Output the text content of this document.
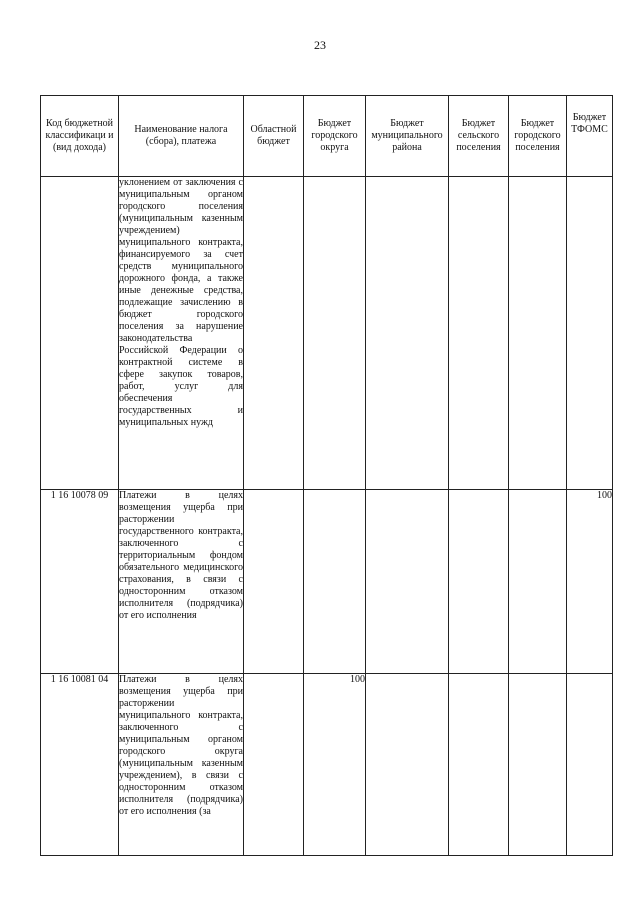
23
Код бюджетной классификаци и (вид дохода)	Наименование налога (сбора), платежа	Областной бюджет	Бюджет городского округа	Бюджет муниципального района	Бюджет сельского поселения	Бюджет городского поселения	Бюджет ТФОМС
	уклонением от заключения с муниципальным органом городского поселения (муниципальным казенным учреждением) муниципального контракта, финансируемого за счет средств муниципального дорожного фонда, а также иные денежные средства, подлежащие зачислению в бюджет городского поселения за нарушение законодательства Российской Федерации о контрактной системе в сфере закупок товаров, работ, услуг для обеспечения государственных и муниципальных нужд						
1 16 10078 09	Платежи в целях возмещения ущерба при расторжении государственного контракта, заключенного с территориальным фондом обязательного медицинского страхования, в связи с односторонним отказом исполнителя (подрядчика) от его исполнения						100
1 16 10081 04	Платежи в целях возмещения ущерба при расторжении муниципального контракта, заключенного с муниципальным органом городского округа (муниципальным казенным учреждением), в связи с односторонним отказом исполнителя (подрядчика) от его исполнения (за		100				
